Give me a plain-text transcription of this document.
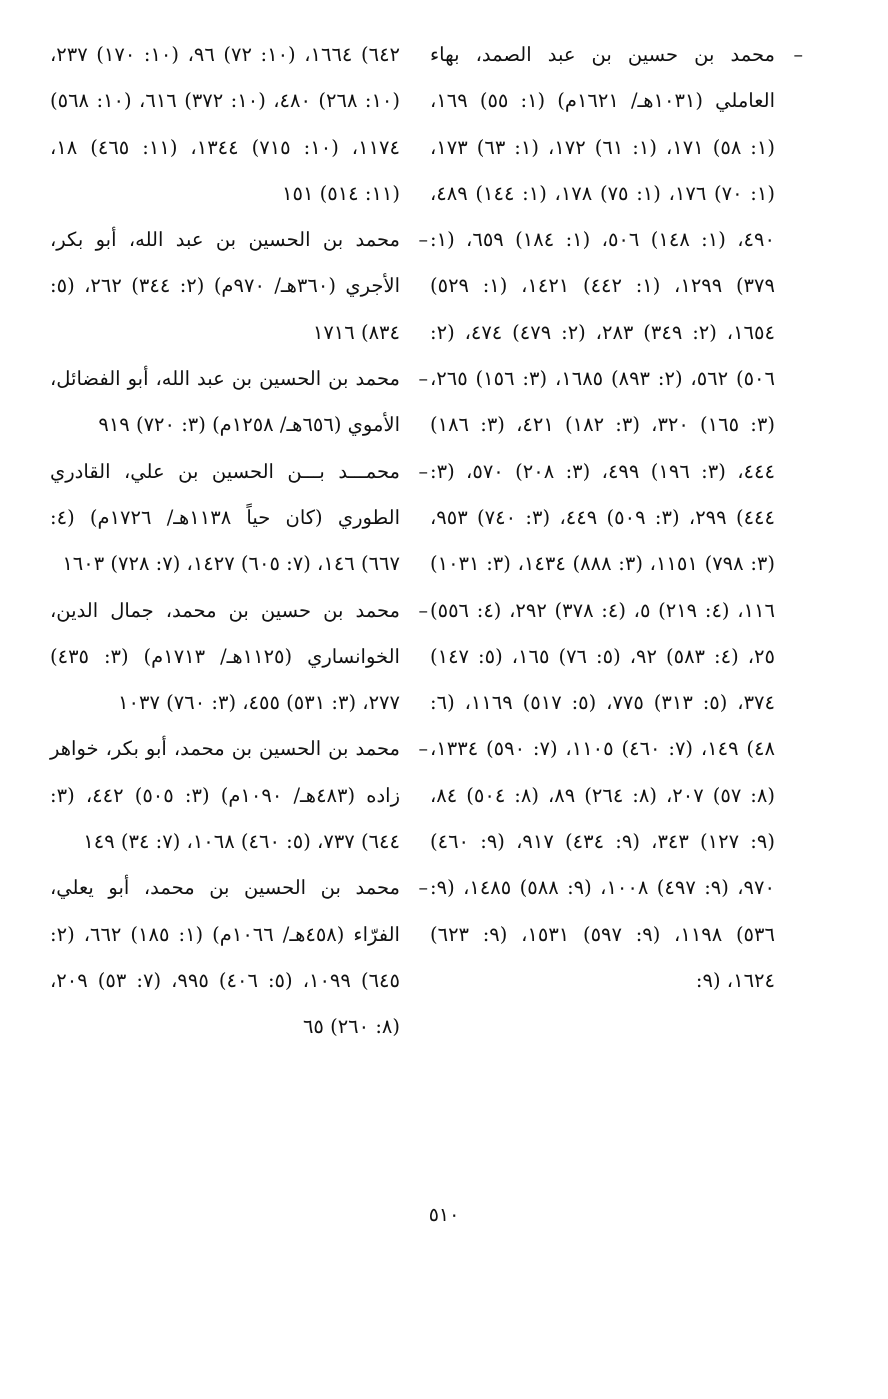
–
محمد بن حسين بن عبد الصمد، بهاء العاملي (١٠٣١هـ/ ١٦٢١م) (١: ٥٥) ١٦٩، (١: ٥٨) ١٧١، (١: ٦١) ١٧٢، (١: ٦٣) ١٧٣، (١: ٧٠) ١٧٦، (١: ٧٥) ١٧٨، (١: ١٤٤) ٤٨٩، ٤٩٠، (١: ١٤٨) ٥٠٦، (١: ١٨٤) ٦٥٩، (١: ٣٧٩) ١٢٩٩، (١: ٤٤٢) ١٤٢١، (١: ٥٢٩) ١٦٥٤، (٢: ٣٤٩) ٢٨٣، (٢: ٤٧٩) ٤٧٤، (٢: ٥٠٦) ٥٦٢، (٢: ٨٩٣) ١٦٨٥، (٣: ١٥٦) ٢٦٥، (٣: ١٦٥) ٣٢٠، (٣: ١٨٢) ٤٢١، (٣: ١٨٦) ٤٤٤، (٣: ١٩٦) ٤٩٩، (٣: ٢٠٨) ٥٧٠، (٣: ٤٤٤) ٢٩٩، (٣: ٥٠٩) ٤٤٩، (٣: ٧٤٠) ٩٥٣، (٣: ٧٩٨) ١١٥١، (٣: ٨٨٨) ١٤٣٤، (٣: ١٠٣١) ١١٦، (٤: ٢١٩) ٥، (٤: ٣٧٨) ٢٩٢، (٤: ٥٥٦) ٢٥، (٤: ٥٨٣) ٩٢، (٥: ٧٦) ١٦٥، (٥: ١٤٧) ٣٧٤، (٥: ٣١٣) ٧٧٥، (٥: ٥١٧) ١١٦٩، (٦: ٤٨) ١٤٩، (٧: ٤٦٠) ١١٠٥، (٧: ٥٩٠) ١٣٣٤، (٨: ٥٧) ٢٠٧، (٨: ٢٦٤) ٨٩، (٨: ٥٠٤) ٨٤، (٩: ١٢٧) ٣٤٣، (٩: ٤٣٤) ٩١٧، (٩: ٤٦٠) ٩٧٠، (٩: ٤٩٧) ١٠٠٨، (٩: ٥٨٨) ١٤٨٥، (٩: ٥٣٦) ١١٩٨، (٩: ٥٩٧) ١٥٣١، (٩: ٦٢٣) ١٦٢٤، (٩:
٦٤٢) ١٦٦٤، (١٠: ٧٢) ٩٦، (١٠: ١٧٠) ٢٣٧، (١٠: ٢٦٨) ٤٨٠، (١٠: ٣٧٢) ٦١٦، (١٠: ٥٦٨) ١١٧٤، (١٠: ٧١٥) ١٣٤٤، (١١: ٤٦٥) ١٨، (١١: ٥١٤) ١٥١
–
محمد بن الحسين بن عبد الله، أبو بكر، الأجري (٣٦٠هـ/ ٩٧٠م) (٢: ٣٤٤) ٢٦٢، (٥: ٨٣٤) ١٧١٦
–
محمد بن الحسين بن عبد الله، أبو الفضائل، الأموي (٦٥٦هـ/ ١٢٥٨م) (٣: ٧٢٠) ٩١٩
–
محمـــد بـــن الحسين بن علي، القادري الطوري (كان حياً ١١٣٨هـ/ ١٧٢٦م) (٤: ٦٦٧) ١٤٦، (٧: ٦٠٥) ١٤٢٧، (٧: ٧٢٨) ١٦٠٣
–
محمد بن حسين بن محمد، جمال الدين، الخوانساري (١١٢٥هـ/ ١٧١٣م) (٣: ٤٣٥) ٢٧٧، (٣: ٥٣١) ٤٥٥، (٣: ٧٦٠) ١٠٣٧
–
محمد بن الحسين بن محمد، أبو بكر، خواهر زاده (٤٨٣هـ/ ١٠٩٠م) (٣: ٥٠٥) ٤٤٢، (٣: ٦٤٤) ٧٣٧، (٥: ٤٦٠) ١٠٦٨، (٧: ٣٤) ١٤٩
–
محمد بن الحسين بن محمد، أبو يعلي، الفرّاء (٤٥٨هـ/ ١٠٦٦م) (١: ١٨٥) ٦٦٢، (٢: ٦٤٥) ١٠٩٩، (٥: ٤٠٦) ٩٩٥، (٧: ٥٣) ٢٠٩، (٨: ٢٦٠) ٦٥
٥١٠
